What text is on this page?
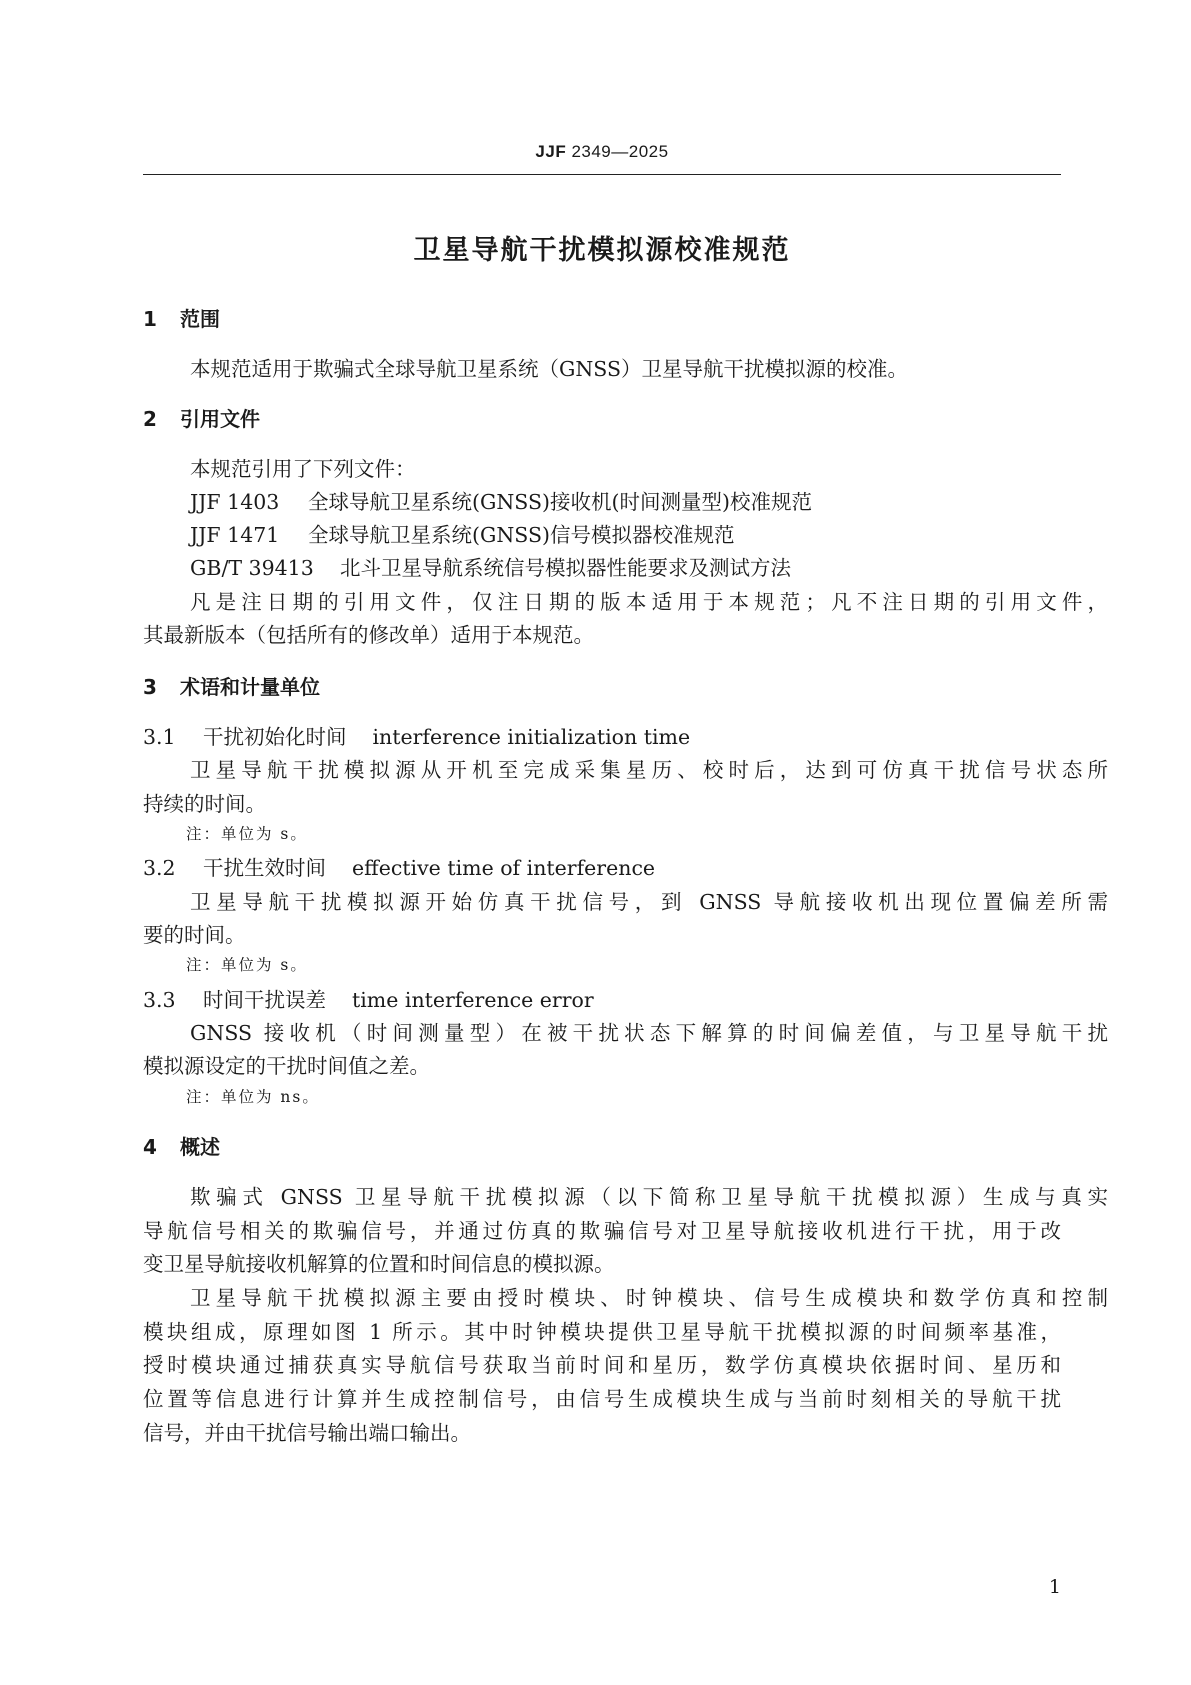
JJF 2349—2025
卫星导航干扰模拟源校准规范
1 范围
本规范适用于欺骗式全球导航卫星系统（GNSS）卫星导航干扰模拟源的校准。
2 引用文件
本规范引用了下列文件：
JJF 1403 全球导航卫星系统(GNSS)接收机(时间测量型)校准规范
JJF 1471 全球导航卫星系统(GNSS)信号模拟器校准规范
GB/T 39413 北斗卫星导航系统信号模拟器性能要求及测试方法
凡是注日期的引用文件，仅注日期的版本适用于本规范；凡不注日期的引用文件，
其最新版本（包括所有的修改单）适用于本规范。
3 术语和计量单位
3.1 干扰初始化时间 interference initialization time
卫星导航干扰模拟源从开机至完成采集星历、校时后，达到可仿真干扰信号状态所
持续的时间。
注：单位为 s。
3.2 干扰生效时间 effective time of interference
卫星导航干扰模拟源开始仿真干扰信号，到 GNSS 导航接收机出现位置偏差所需
要的时间。
注：单位为 s。
3.3 时间干扰误差 time interference error
GNSS 接收机（时间测量型）在被干扰状态下解算的时间偏差值，与卫星导航干扰
模拟源设定的干扰时间值之差。
注：单位为 ns。
4 概述
欺骗式 GNSS 卫星导航干扰模拟源（以下简称卫星导航干扰模拟源）生成与真实
导航信号相关的欺骗信号，并通过仿真的欺骗信号对卫星导航接收机进行干扰，用于改
变卫星导航接收机解算的位置和时间信息的模拟源。
卫星导航干扰模拟源主要由授时模块、时钟模块、信号生成模块和数学仿真和控制
模块组成，原理如图 1 所示。其中时钟模块提供卫星导航干扰模拟源的时间频率基准，
授时模块通过捕获真实导航信号获取当前时间和星历，数学仿真模块依据时间、星历和
位置等信息进行计算并生成控制信号，由信号生成模块生成与当前时刻相关的导航干扰
信号，并由干扰信号输出端口输出。
1
